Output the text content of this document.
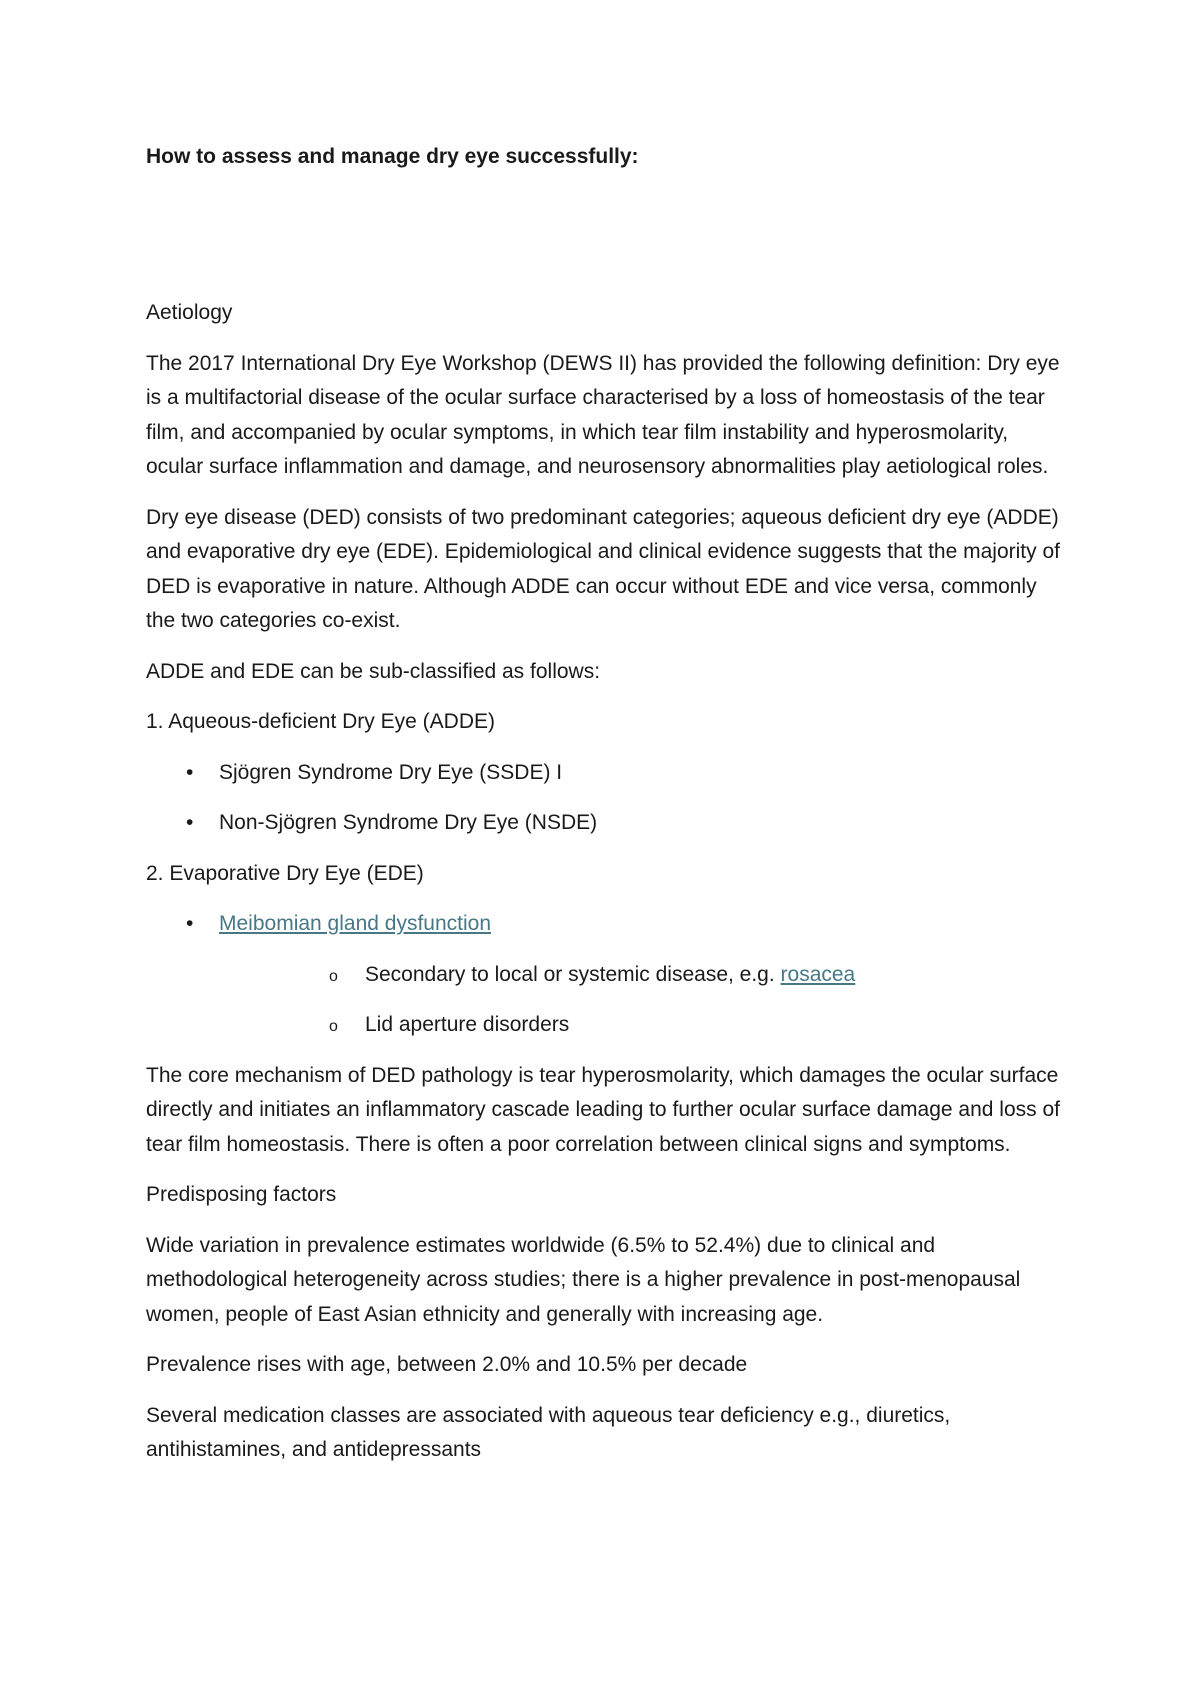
How to assess and manage dry eye successfully:

Aetiology

The 2017 International Dry Eye Workshop (DEWS II) has provided the following definition: Dry eye is a multifactorial disease of the ocular surface characterised by a loss of homeostasis of the tear film, and accompanied by ocular symptoms, in which tear film instability and hyperosmolarity, ocular surface inflammation and damage, and neurosensory abnormalities play aetiological roles.

Dry eye disease (DED) consists of two predominant categories; aqueous deficient dry eye (ADDE) and evaporative dry eye (EDE). Epidemiological and clinical evidence suggests that the majority of DED is evaporative in nature. Although ADDE can occur without EDE and vice versa, commonly the two categories co-exist.

ADDE and EDE can be sub-classified as follows:

1. Aqueous-deficient Dry Eye (ADDE)

• Sjögren Syndrome Dry Eye (SSDE) I
• Non-Sjögren Syndrome Dry Eye (NSDE)

2. Evaporative Dry Eye (EDE)

• Meibomian gland dysfunction
o Secondary to local or systemic disease, e.g. rosacea
o Lid aperture disorders

The core mechanism of DED pathology is tear hyperosmolarity, which damages the ocular surface directly and initiates an inflammatory cascade leading to further ocular surface damage and loss of tear film homeostasis. There is often a poor correlation between clinical signs and symptoms.

Predisposing factors

Wide variation in prevalence estimates worldwide (6.5% to 52.4%) due to clinical and methodological heterogeneity across studies; there is a higher prevalence in post-menopausal women, people of East Asian ethnicity and generally with increasing age.

Prevalence rises with age, between 2.0% and 10.5% per decade

Several medication classes are associated with aqueous tear deficiency e.g., diuretics, antihistamines, and antidepressants
